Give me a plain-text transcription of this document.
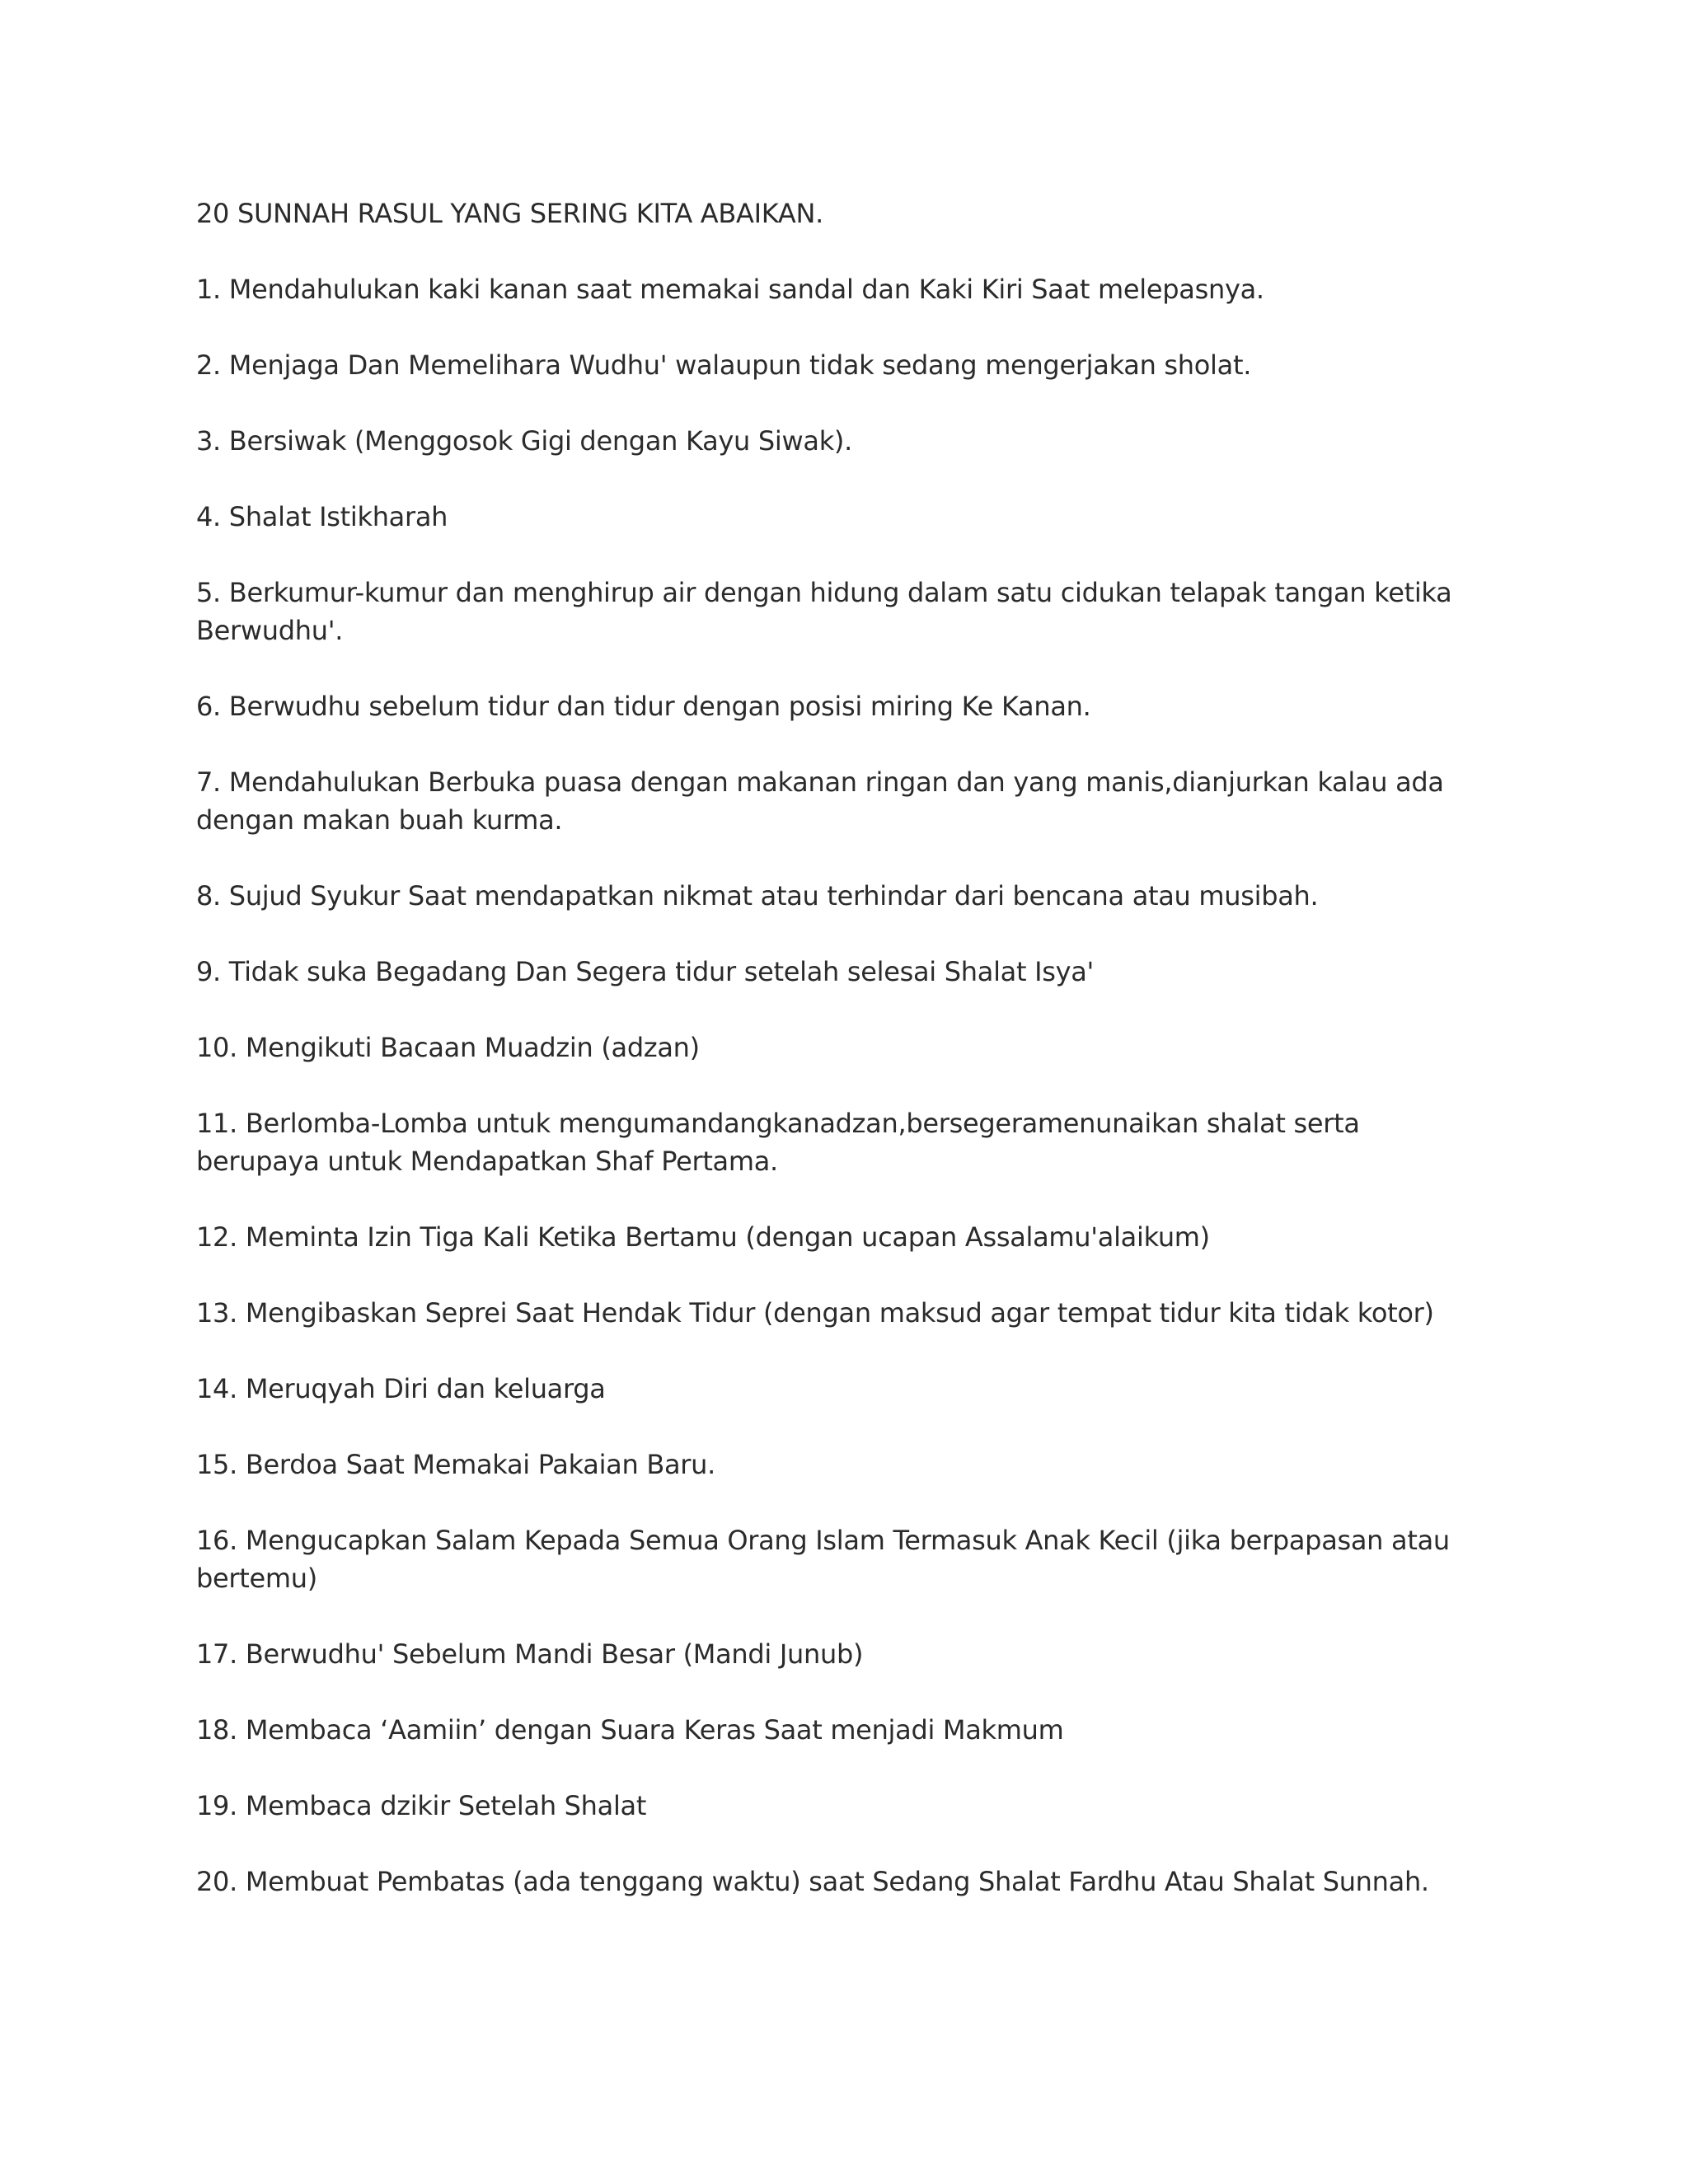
20 SUNNAH RASUL YANG SERING KITA ABAIKAN.
1. Mendahulukan kaki kanan saat memakai sandal dan Kaki Kiri Saat melepasnya.
2. Menjaga Dan Memelihara Wudhu' walaupun tidak sedang mengerjakan sholat.
3. Bersiwak (Menggosok Gigi dengan Kayu Siwak).
4. Shalat Istikharah
5. Berkumur-kumur dan menghirup air dengan hidung dalam satu cidukan telapak tangan ketika Berwudhu'.
6. Berwudhu sebelum tidur dan tidur dengan posisi miring Ke Kanan.
7. Mendahulukan Berbuka puasa dengan makanan ringan dan yang manis,dianjurkan kalau ada dengan makan buah kurma.
8. Sujud Syukur Saat mendapatkan nikmat atau terhindar dari bencana atau musibah.
9. Tidak suka Begadang Dan Segera tidur setelah selesai Shalat Isya'
10. Mengikuti Bacaan Muadzin (adzan)
11. Berlomba-Lomba untuk mengumandangkanadzan,bersegeramenunaikan shalat serta berupaya untuk Mendapatkan Shaf Pertama.
12. Meminta Izin Tiga Kali Ketika Bertamu (dengan ucapan Assalamu'alaikum)
13. Mengibaskan Seprei Saat Hendak Tidur (dengan maksud agar tempat tidur kita tidak kotor)
14. Meruqyah Diri dan keluarga
15. Berdoa Saat Memakai Pakaian Baru.
16. Mengucapkan Salam Kepada Semua Orang Islam Termasuk Anak Kecil (jika berpapasan atau bertemu)
17. Berwudhu' Sebelum Mandi Besar (Mandi Junub)
18. Membaca ‘Aamiin’ dengan Suara Keras Saat menjadi Makmum
19. Membaca dzikir Setelah Shalat
20. Membuat Pembatas (ada tenggang waktu) saat Sedang Shalat Fardhu Atau Shalat Sunnah.
